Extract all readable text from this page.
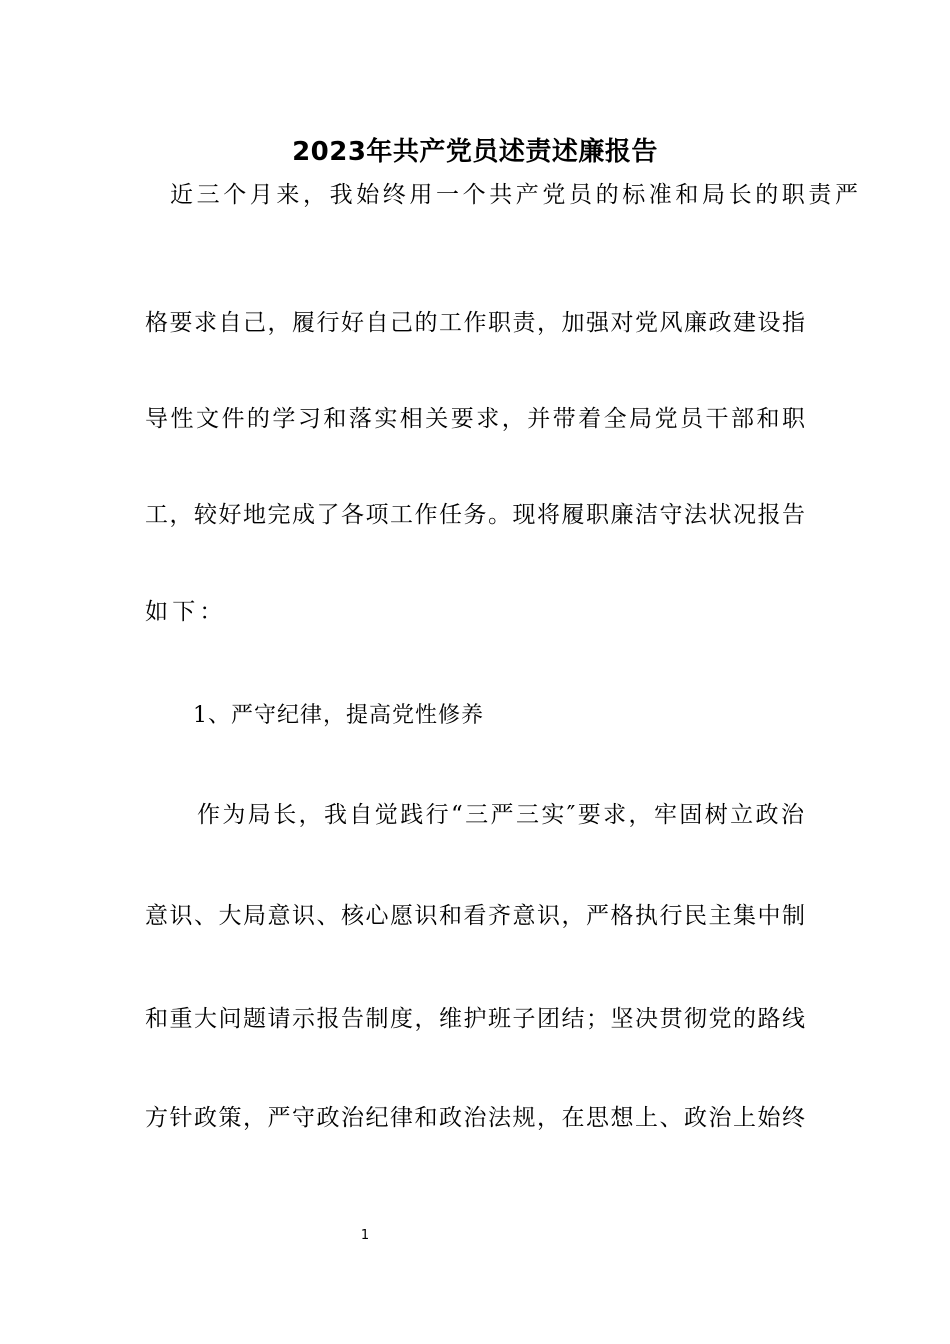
2023年共产党员述责述廉报告
近三个月来，我始终用一个共产党员的标准和局长的职责严
格要求自己，履行好自己的工作职责，加强对党风廉政建设指
导性文件的学习和落实相关要求，并带着全局党员干部和职
工，较好地完成了各项工作任务。现将履职廉洁守法状况报告
如下：
1、严守纪律，提高党性修养
作为局长，我自觉践行“三严三实″要求，牢固树立政治
意识、大局意识、核心愿识和看齐意识，严格执行民主集中制
和重大问题请示报告制度，维护班子团结；坚决贯彻党的路线
方针政策，严守政治纪律和政治法规，在思想上、政治上始终
1
